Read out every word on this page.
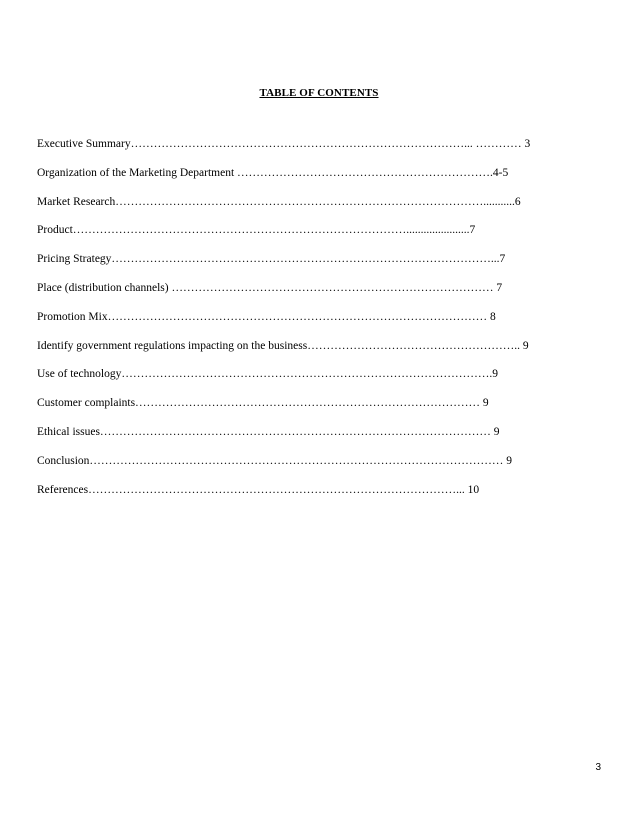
TABLE OF CONTENTS
Executive Summary……………………………………………………………………………... ………… 3
Organization of the Marketing Department ………………………………………………………….4-5
Market Research……………………………………………………………………………………...........6
Product……………………………………………………………………………......................7
Pricing Strategy………………………………………………………………………………………...7
Place (distribution channels) ………………………………………………………………………… 7
Promotion Mix……………………………………………………………………………………… 8
Identify government regulations impacting on the business……………………………………………….. 9
Use of technology…………………………………………………………………………………….9
Customer complaints……………………………………………………………………………… 9
Ethical issues………………………………………………………………………………………… 9
Conclusion……………………………………………………………………………………………… 9
References……………………………………………………………………………………... 10
3
